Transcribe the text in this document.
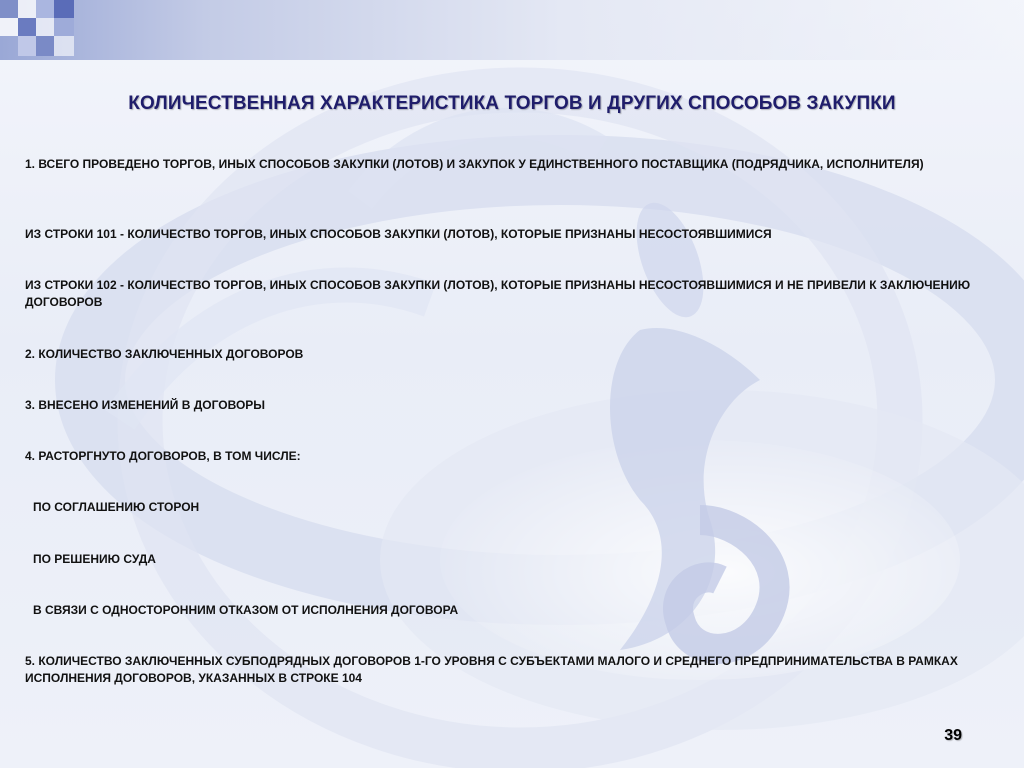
КОЛИЧЕСТВЕННАЯ ХАРАКТЕРИСТИКА ТОРГОВ И ДРУГИХ СПОСОБОВ ЗАКУПКИ
1. ВСЕГО ПРОВЕДЕНО ТОРГОВ, ИНЫХ СПОСОБОВ ЗАКУПКИ (ЛОТОВ) И ЗАКУПОК У ЕДИНСТВЕННОГО ПОСТАВЩИКА (ПОДРЯДЧИКА, ИСПОЛНИТЕЛЯ)
ИЗ СТРОКИ 101 - КОЛИЧЕСТВО ТОРГОВ, ИНЫХ СПОСОБОВ ЗАКУПКИ (ЛОТОВ), КОТОРЫЕ ПРИЗНАНЫ НЕСОСТОЯВШИМИСЯ
ИЗ СТРОКИ 102 - КОЛИЧЕСТВО ТОРГОВ, ИНЫХ СПОСОБОВ ЗАКУПКИ (ЛОТОВ), КОТОРЫЕ ПРИЗНАНЫ НЕСОСТОЯВШИМИСЯ И НЕ ПРИВЕЛИ К ЗАКЛЮЧЕНИЮ ДОГОВОРОВ
2. КОЛИЧЕСТВО ЗАКЛЮЧЕННЫХ ДОГОВОРОВ
3. ВНЕСЕНО ИЗМЕНЕНИЙ В ДОГОВОРЫ
4. РАСТОРГНУТО ДОГОВОРОВ, В ТОМ ЧИСЛЕ:
ПО СОГЛАШЕНИЮ СТОРОН
ПО РЕШЕНИЮ СУДА
В СВЯЗИ С ОДНОСТОРОННИМ ОТКАЗОМ ОТ ИСПОЛНЕНИЯ ДОГОВОРА
5. КОЛИЧЕСТВО ЗАКЛЮЧЕННЫХ СУБПОДРЯДНЫХ ДОГОВОРОВ 1-ГО УРОВНЯ С СУБЪЕКТАМИ МАЛОГО И СРЕДНЕГО ПРЕДПРИНИМАТЕЛЬСТВА В РАМКАХ ИСПОЛНЕНИЯ ДОГОВОРОВ, УКАЗАННЫХ В СТРОКЕ 104
39
